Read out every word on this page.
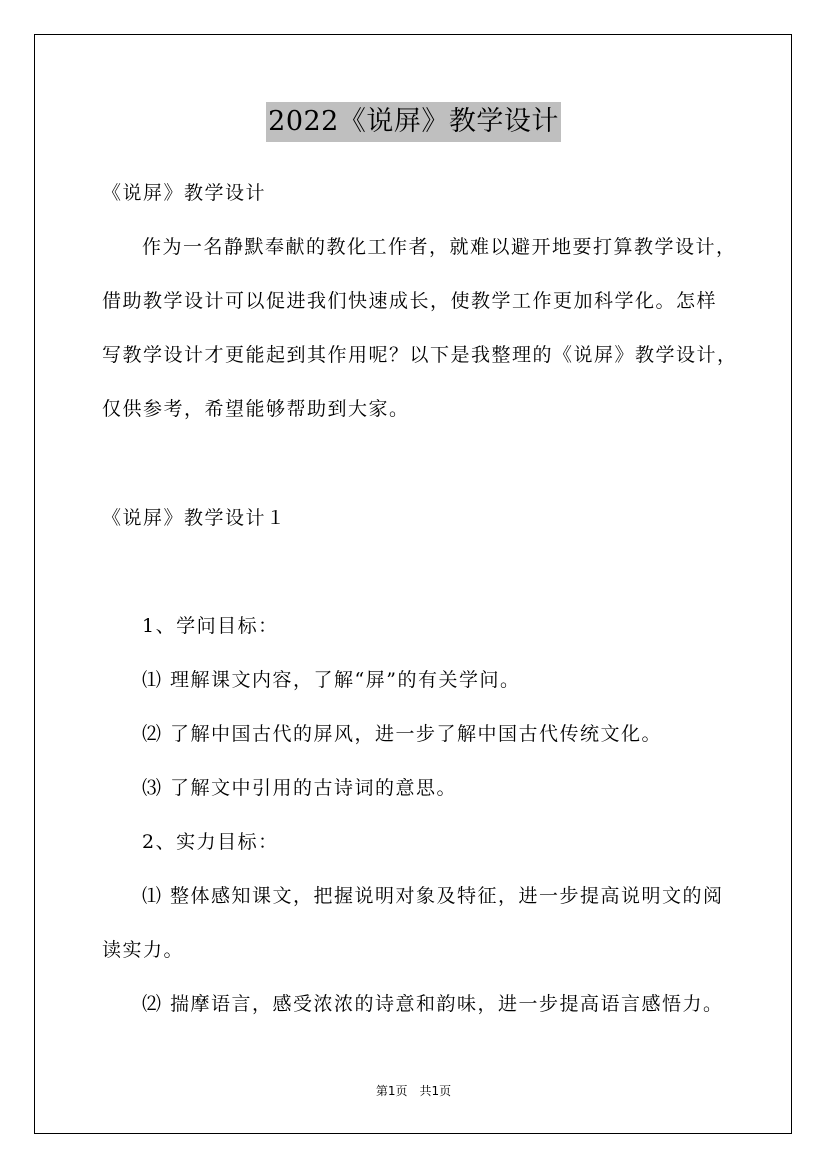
2022《说屏》教学设计
《说屏》教学设计
作为一名静默奉献的教化工作者，就难以避开地要打算教学设计，
借助教学设计可以促进我们快速成长，使教学工作更加科学化。怎样
写教学设计才更能起到其作用呢？以下是我整理的《说屏》教学设计，
仅供参考，希望能够帮助到大家。
《说屏》教学设计１
1、学问目标：
⑴ 理解课文内容，了解“屏”的有关学问。
⑵ 了解中国古代的屏风，进一步了解中国古代传统文化。
⑶ 了解文中引用的古诗词的意思。
2、实力目标：
⑴ 整体感知课文，把握说明对象及特征，进一步提高说明文的阅
读实力。
⑵ 揣摩语言，感受浓浓的诗意和韵味，进一步提高语言感悟力。
第1页　共1页
